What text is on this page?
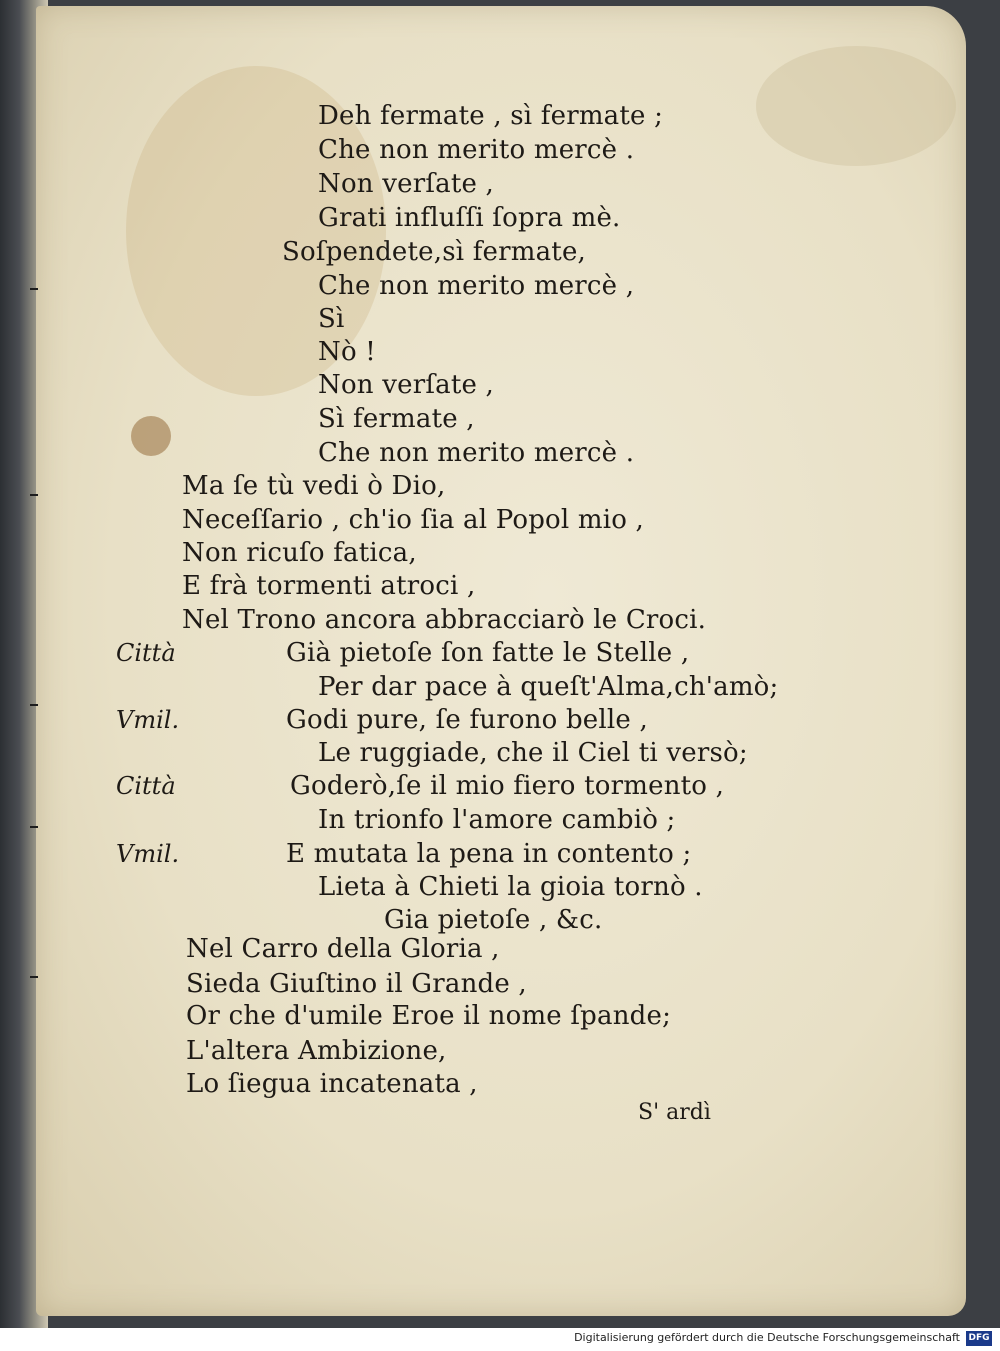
Deh fermate , sì fermate ;

Che non merito mercè .

Non verſate ,

Grati influſſi ſopra mè.

Soſpendete,sì fermate,

Che non merito mercè ,

Sì

Nò !

Non verſate ,

Sì fermate ,

Che non merito mercè .

Ma ſe tù vedi ò Dio,

Neceſſario , ch'io ſia al Popol mio ,

Non ricuſo fatica,

E frà tormenti atroci ,

Nel Trono ancora abbracciarò le Croci.

Città	Già pietoſe ſon fatte le Stelle ,

Per dar pace à queſt'Alma,ch'amò;

Vmil.	Godi pure, ſe furono belle ,

Le ruggiade, che il Ciel ti versò;

Città	Goderò,ſe il mio fiero tormento ,

In trionfo l'amore cambiò ;

Vmil.	E mutata la pena in contento ;

Lieta à Chieti la gioia tornò .

Gia pietoſe , &c.

Nel Carro della Gloria ,

Sieda Giuſtino il Grande ,

Or che d'umile Eroe il nome ſpande;

L'altera Ambizione,

Lo ſiegua incatenata ,

S' ardì

Digitalisierung gefördert durch die Deutsche Forschungsgemeinschaft DFG
